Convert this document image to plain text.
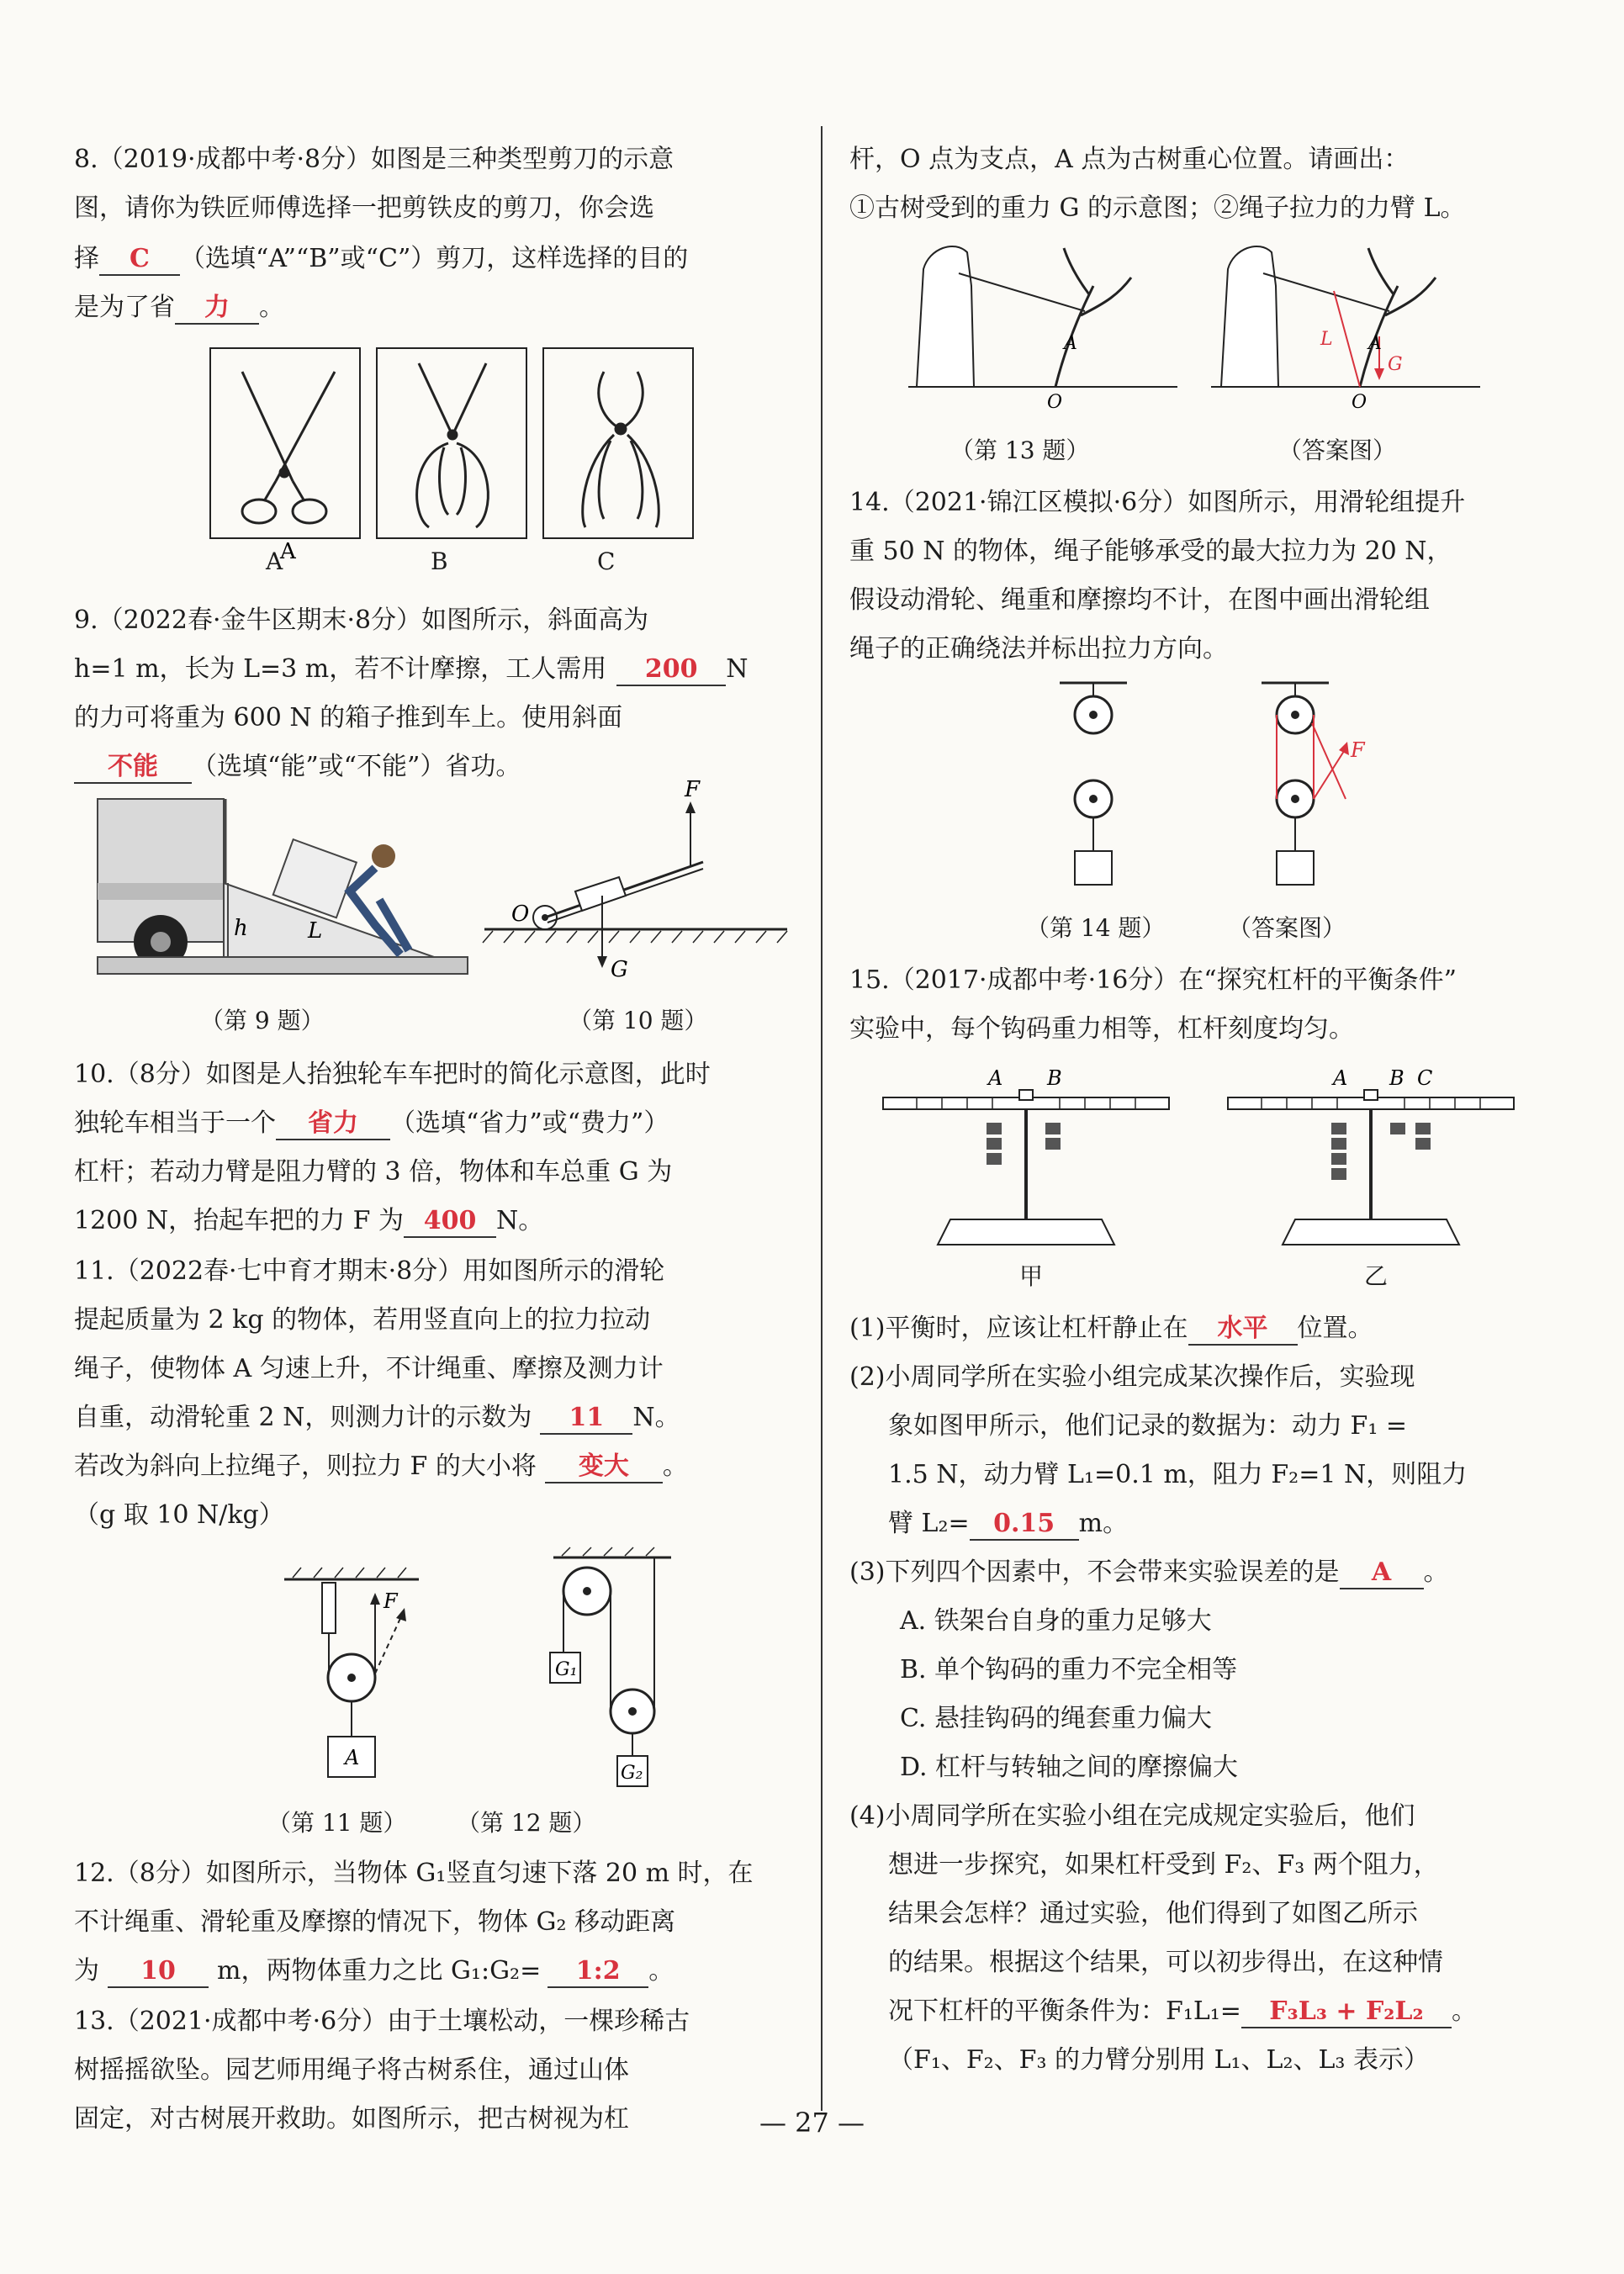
8.（2019·成都中考·8分）如图是三种类型剪刀的示意
图，请你为铁匠师傅选择一把剪铁皮的剪刀，你会选
择 C （选填“A”“B”或“C”）剪刀，这样选择的目的
是为了省 力 。
A
A	B	C
9.（2022春·金牛区期末·8分）如图所示，斜面高为
h=1 m，长为 L=3 m，若不计摩擦，工人需用 200 N
的力可将重为 600 N 的箱子推到车上。使用斜面
不能 （选填“能”或“不能”）省功。
h	L
（第 9 题）
F
O
G
（第 10 题）
10.（8分）如图是人抬独轮车车把时的简化示意图，此时
独轮车相当于一个 省力 （选填“省力”或“费力”）
杠杆；若动力臂是阻力臂的 3 倍，物体和车总重 G 为
1200 N，抬起车把的力 F 为 400 N。
11.（2022春·七中育才期末·8分）用如图所示的滑轮
提起质量为 2 kg 的物体，若用竖直向上的拉力拉动
绳子，使物体 A 匀速上升，不计绳重、摩擦及测力计
自重，动滑轮重 2 N，则测力计的示数为 11 N。
若改为斜向上拉绳子，则拉力 F 的大小将 变大 。
（g 取 10 N/kg）
F
A
（第 11 题）
G₁
G₂
（第 12 题）
12.（8分）如图所示，当物体 G₁竖直匀速下落 20 m 时，在
不计绳重、滑轮重及摩擦的情况下，物体 G₂ 移动距离
为 10 m，两物体重力之比 G₁:G₂= 1:2 。
13.（2021·成都中考·6分）由于土壤松动，一棵珍稀古
树摇摇欲坠。园艺师用绳子将古树系住，通过山体
固定，对古树展开救助。如图所示，把古树视为杠
杆，O 点为支点，A 点为古树重心位置。请画出：
①古树受到的重力 G 的示意图；②绳子拉力的力臂 L。
A
O
A
L
G
O
（第 13 题）	（答案图）
14.（2021·锦江区模拟·6分）如图所示，用滑轮组提升
重 50 N 的物体，绳子能够承受的最大拉力为 20 N，
假设动滑轮、绳重和摩擦均不计，在图中画出滑轮组
绳子的正确绕法并标出拉力方向。
F
（第 14 题）	（答案图）
15.（2017·成都中考·16分）在“探究杠杆的平衡条件”
实验中，每个钩码重力相等，杠杆刻度均匀。
A B	A B C
甲	乙
(1)平衡时，应该让杠杆静止在 水平 位置。
(2)小周同学所在实验小组完成某次操作后，实验现
象如图甲所示，他们记录的数据为：动力 F₁ =
1.5 N，动力臂 L₁=0.1 m，阻力 F₂=1 N，则阻力
臂 L₂= 0.15 m。
(3)下列四个因素中，不会带来实验误差的是 A 。
A. 铁架台自身的重力足够大
B. 单个钩码的重力不完全相等
C. 悬挂钩码的绳套重力偏大
D. 杠杆与转轴之间的摩擦偏大
(4)小周同学所在实验小组在完成规定实验后，他们
想进一步探究，如果杠杆受到 F₂、F₃ 两个阻力，
结果会怎样？通过实验，他们得到了如图乙所示
的结果。根据这个结果，可以初步得出，在这种情
况下杠杆的平衡条件为：F₁L₁= F₃L₃ + F₂L₂ 。
（F₁、F₂、F₃ 的力臂分别用 L₁、L₂、L₃ 表示）
— 27 —
